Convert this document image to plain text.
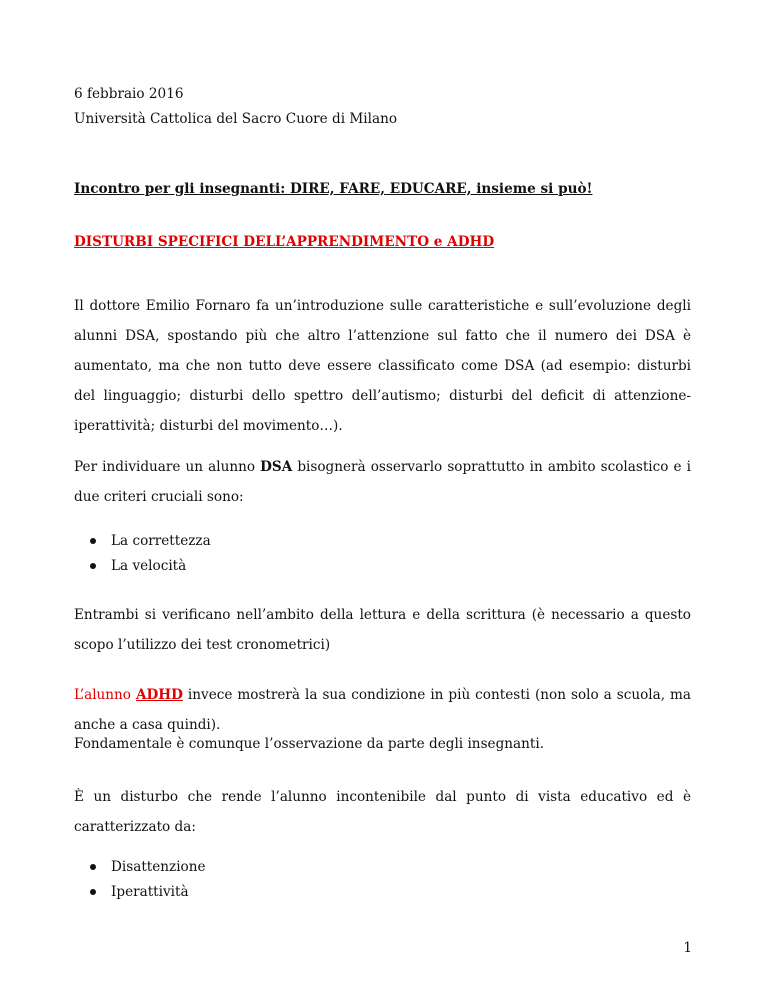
6 febbraio 2016
Università Cattolica del Sacro Cuore di Milano
Incontro per gli insegnanti: DIRE, FARE, EDUCARE, insieme si può!
DISTURBI SPECIFICI DELL’APPRENDIMENTO e ADHD
Il dottore Emilio Fornaro fa un’introduzione sulle caratteristiche e sull’evoluzione degli alunni DSA, spostando più che altro l’attenzione sul fatto che il numero dei DSA è aumentato, ma che non tutto deve essere classificato come DSA (ad esempio: disturbi del linguaggio; disturbi dello spettro dell’autismo; disturbi del deficit di attenzione-iperattività; disturbi del movimento…).
Per individuare un alunno DSA bisognerà osservarlo soprattutto in ambito scolastico e i due criteri cruciali sono:
La correttezza
La velocità
Entrambi si verificano nell’ambito della lettura e della scrittura (è necessario a questo scopo l’utilizzo dei test cronometrici)
L’alunno ADHD invece mostrerà la sua condizione in più contesti (non solo a scuola, ma anche a casa quindi).
Fondamentale è comunque l’osservazione da parte degli insegnanti.
È un disturbo che rende l’alunno incontenibile dal punto di vista educativo ed è caratterizzato da:
Disattenzione
Iperattività
1
